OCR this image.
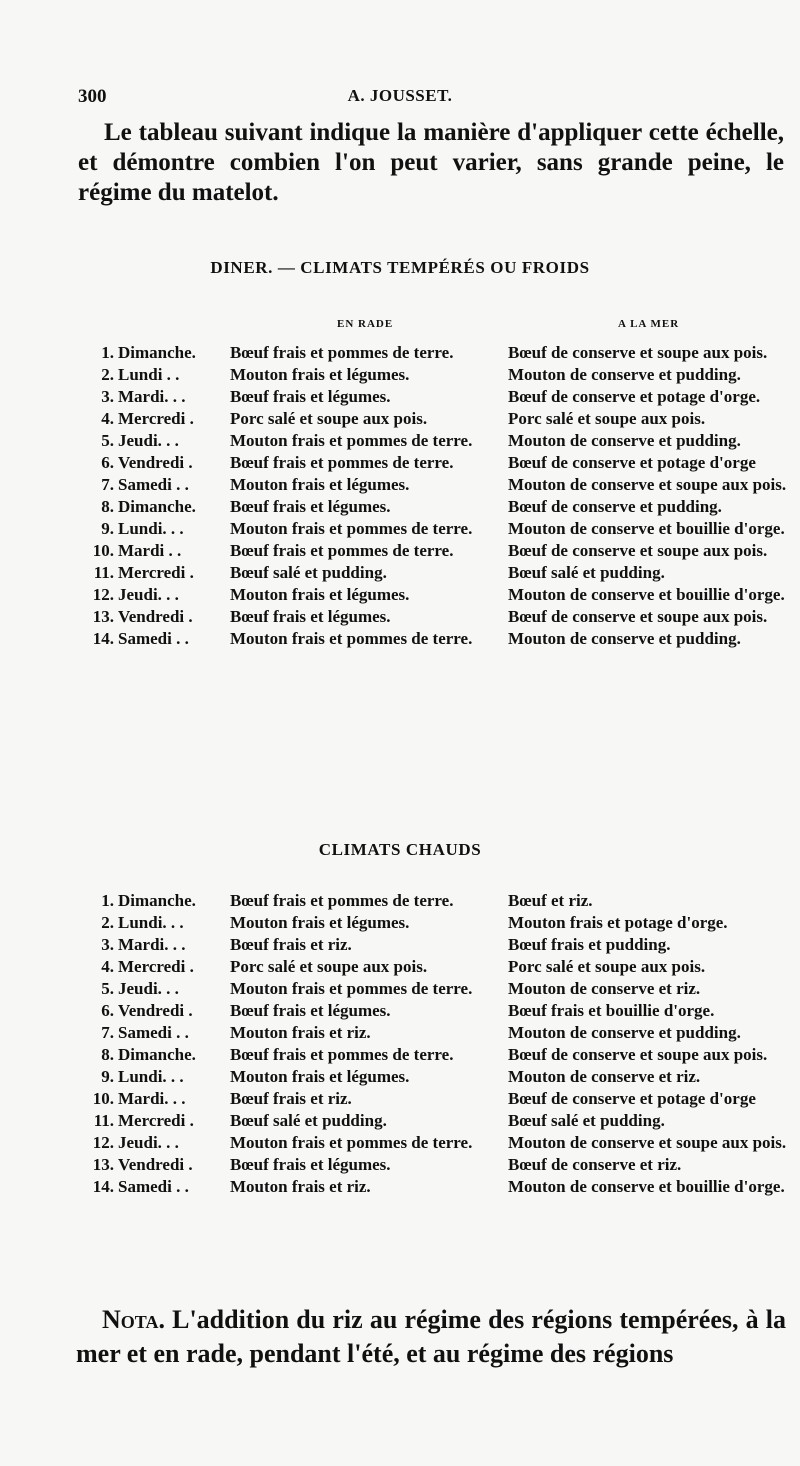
300	A. JOUSSET.

Le tableau suivant indique la manière d'appliquer cette échelle, et démontre combien l'on peut varier, sans grande peine, le régime du matelot.

DINER. — CLIMATS TEMPÉRÉS OU FROIDS
EN RADE	A LA MER
1.	Dimanche.	Bœuf frais et pommes de terre.	Bœuf de conserve et soupe aux pois.
2.	Lundi . .	Mouton frais et légumes.	Mouton de conserve et pudding.
3.	Mardi. . .	Bœuf frais et légumes.	Bœuf de conserve et potage d'orge.
4.	Mercredi .	Porc salé et soupe aux pois.	Porc salé et soupe aux pois.
5.	Jeudi. . .	Mouton frais et pommes de terre.	Mouton de conserve et pudding.
6.	Vendredi .	Bœuf frais et pommes de terre.	Bœuf de conserve et potage d'orge
7.	Samedi . .	Mouton frais et légumes.	Mouton de conserve et soupe aux pois.
8.	Dimanche.	Bœuf frais et légumes.	Bœuf de conserve et pudding.
9.	Lundi. . .	Mouton frais et pommes de terre.	Mouton de conserve et bouillie d'orge.
10.	Mardi . .	Bœuf frais et pommes de terre.	Bœuf de conserve et soupe aux pois.
11.	Mercredi .	Bœuf salé et pudding.	Bœuf salé et pudding.
12.	Jeudi. . .	Mouton frais et légumes.	Mouton de conserve et bouillie d'orge.
13.	Vendredi .	Bœuf frais et légumes.	Bœuf de conserve et soupe aux pois.
14.	Samedi . .	Mouton frais et pommes de terre.	Mouton de conserve et pudding.
CLIMATS CHAUDS
1.	Dimanche.	Bœuf frais et pommes de terre.	Bœuf et riz.
2.	Lundi. . .	Mouton frais et légumes.	Mouton frais et potage d'orge.
3.	Mardi. . .	Bœuf frais et riz.	Bœuf frais et pudding.
4.	Mercredi .	Porc salé et soupe aux pois.	Porc salé et soupe aux pois.
5.	Jeudi. . .	Mouton frais et pommes de terre.	Mouton de conserve et riz.
6.	Vendredi .	Bœuf frais et légumes.	Bœuf frais et bouillie d'orge.
7.	Samedi . .	Mouton frais et riz.	Mouton de conserve et pudding.
8.	Dimanche.	Bœuf frais et pommes de terre.	Bœuf de conserve et soupe aux pois.
9.	Lundi. . .	Mouton frais et légumes.	Mouton de conserve et riz.
10.	Mardi. . .	Bœuf frais et riz.	Bœuf de conserve et potage d'orge
11.	Mercredi .	Bœuf salé et pudding.	Bœuf salé et pudding.
12.	Jeudi. . .	Mouton frais et pommes de terre.	Mouton de conserve et soupe aux pois.
13.	Vendredi .	Bœuf frais et légumes.	Bœuf de conserve et riz.
14.	Samedi . .	Mouton frais et riz.	Mouton de conserve et bouillie d'orge.

Nota. L'addition du riz au régime des régions tempérées, à la mer et en rade, pendant l'été, et au régime des régions
